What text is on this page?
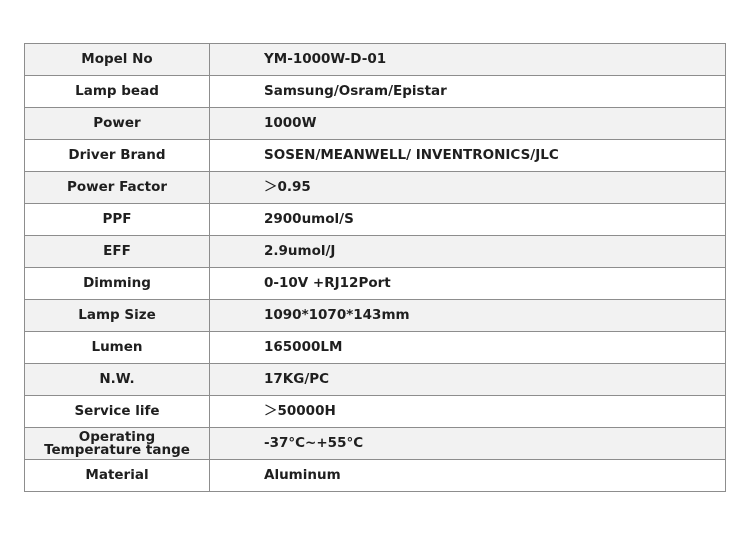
Mopel No	YM-1000W-D-01
Lamp bead	Samsung/Osram/Epistar
Power	1000W
Driver Brand	SOSEN/MEANWELL/ INVENTRONICS/JLC
Power Factor	＞0.95
PPF	2900umol/S
EFF	2.9umol/J
Dimming	0-10V +RJ12Port
Lamp Size	1090*1070*143mm
Lumen	165000LM
N.W.	17KG/PC
Service life	＞50000H

Operating
Temperature tange	-37°C~+55°C
Material	Aluminum
